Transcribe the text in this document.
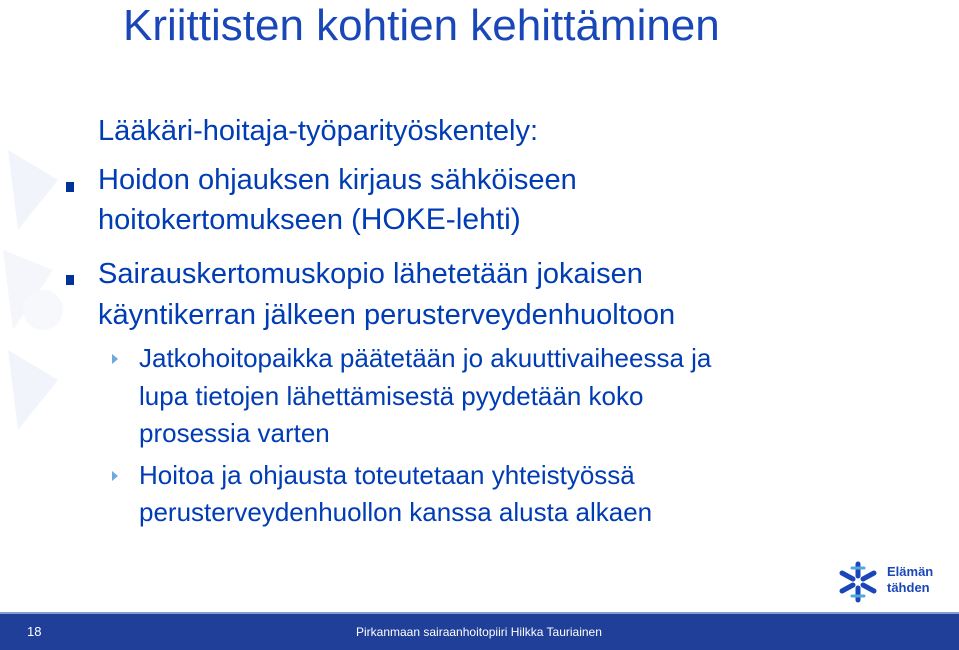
Kriittisten kohtien kehittäminen
Lääkäri-hoitaja-työparityöskentely:
Hoidon ohjauksen kirjaus sähköiseen
hoitokertomukseen (HOKE-lehti)
Sairauskertomuskopio lähetetään jokaisen
käyntikerran jälkeen perusterveydenhuoltoon
Jatkohoitopaikka päätetään jo akuuttivaiheessa ja
lupa tietojen lähettämisestä pyydetään koko
prosessia varten
Hoitoa ja ohjausta toteutetaan yhteistyössä
perusterveydenhuollon kanssa alusta alkaen
Elämän
tähden
18	Pirkanmaan sairaanhoitopiiri Hilkka Tauriainen
